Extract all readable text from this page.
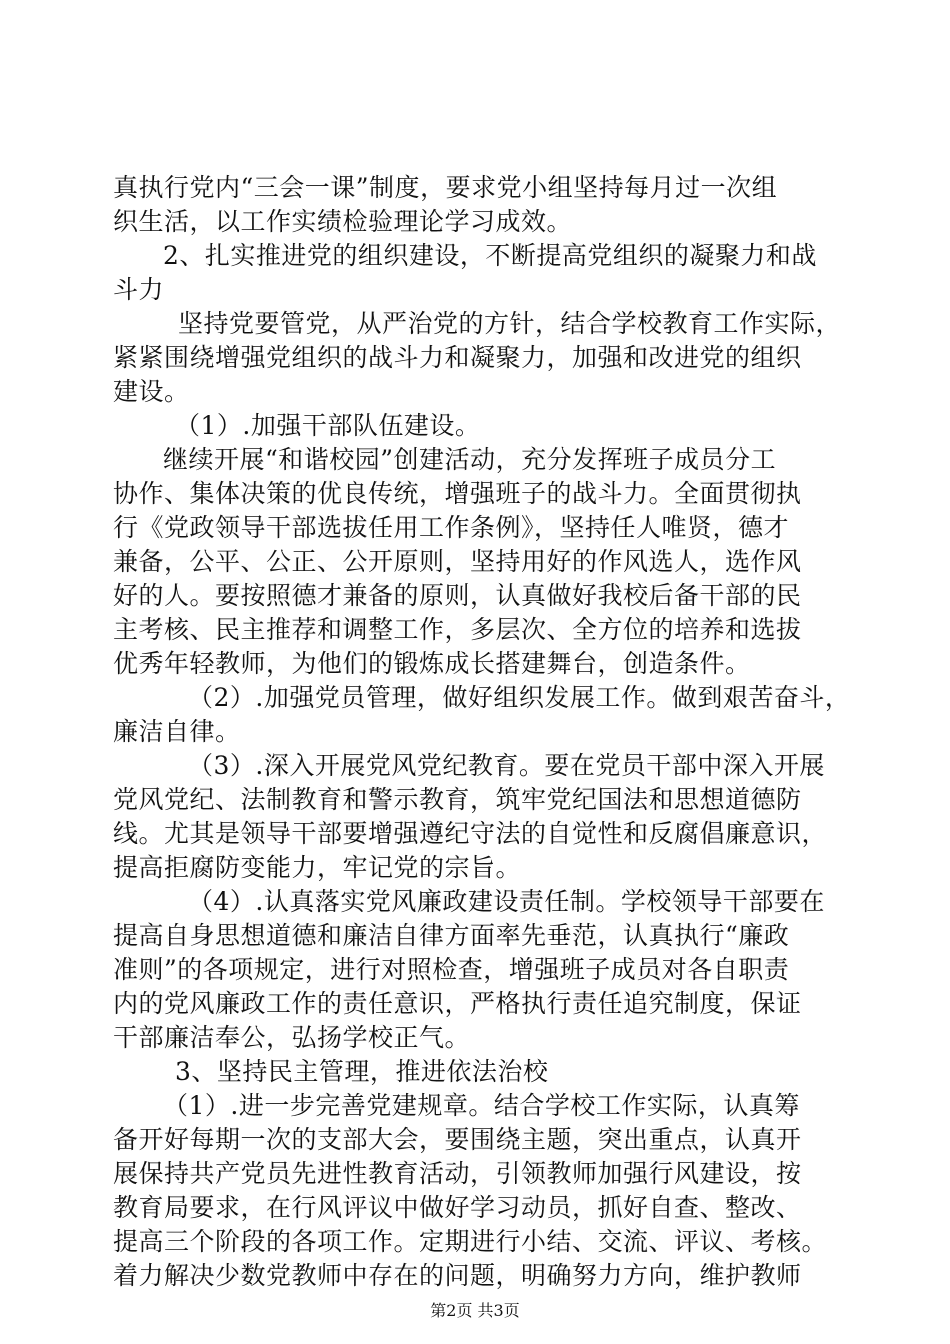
真执行党内“三会一课”制度，要求党小组坚持每月过一次组
织生活，以工作实绩检验理论学习成效。
2、扎实推进党的组织建设，不断提高党组织的凝聚力和战
斗力
坚持党要管党，从严治党的方针，结合学校教育工作实际，
紧紧围绕增强党组织的战斗力和凝聚力，加强和改进党的组织
建设。
（1）.加强干部队伍建设。
继续开展“和谐校园”创建活动，充分发挥班子成员分工
协作、集体决策的优良传统，增强班子的战斗力。全面贯彻执
行《党政领导干部选拔任用工作条例》，坚持任人唯贤，德才
兼备，公平、公正、公开原则，坚持用好的作风选人，选作风
好的人。要按照德才兼备的原则，认真做好我校后备干部的民
主考核、民主推荐和调整工作，多层次、全方位的培养和选拔
优秀年轻教师，为他们的锻炼成长搭建舞台，创造条件。
（2）.加强党员管理，做好组织发展工作。做到艰苦奋斗，
廉洁自律。
（3）.深入开展党风党纪教育。要在党员干部中深入开展
党风党纪、法制教育和警示教育，筑牢党纪国法和思想道德防
线。尤其是领导干部要增强遵纪守法的自觉性和反腐倡廉意识，
提高拒腐防变能力，牢记党的宗旨。
（4）.认真落实党风廉政建设责任制。学校领导干部要在
提高自身思想道德和廉洁自律方面率先垂范，认真执行“廉政
准则”的各项规定，进行对照检查，增强班子成员对各自职责
内的党风廉政工作的责任意识，严格执行责任追究制度，保证
干部廉洁奉公，弘扬学校正气。
3、坚持民主管理，推进依法治校
（1）.进一步完善党建规章。结合学校工作实际，认真筹
备开好每期一次的支部大会，要围绕主题，突出重点，认真开
展保持共产党员先进性教育活动，引领教师加强行风建设，按
教育局要求，在行风评议中做好学习动员，抓好自查、整改、
提高三个阶段的各项工作。定期进行小结、交流、评议、考核。
着力解决少数党教师中存在的问题，明确努力方向，维护教师
第2页 共3页
